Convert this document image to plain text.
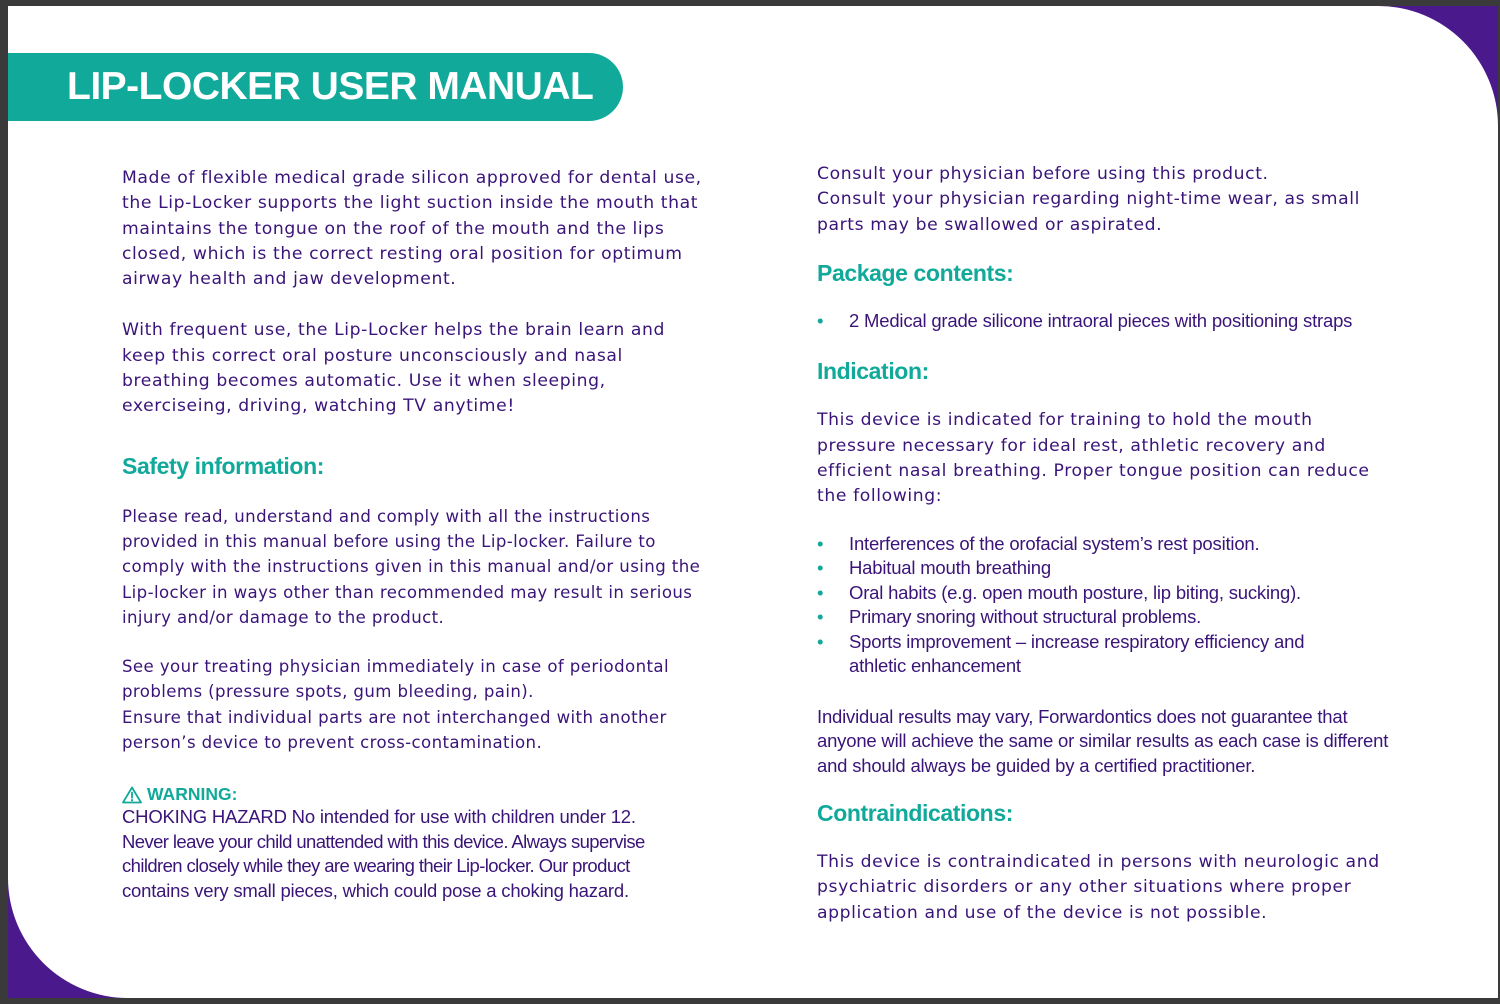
LIP-LOCKER USER MANUAL

Made of flexible medical grade silicon approved for dental use, the Lip-Locker supports the light suction inside the mouth that maintains the tongue on the roof of the mouth and the lips closed, which is the correct resting oral position for optimum airway health and jaw development.

With frequent use, the Lip-Locker helps the brain learn and keep this correct oral posture unconsciously and nasal breathing becomes automatic. Use it when sleeping, exerciseing, driving, watching TV anytime!

Safety information:

Please read, understand and comply with all the instructions provided in this manual before using the Lip-locker. Failure to comply with the instructions given in this manual and/or using the Lip-locker in ways other than recommended may result in serious injury and/or damage to the product.

See your treating physician immediately in case of periodontal problems (pressure spots, gum bleeding, pain).

Ensure that individual parts are not interchanged with another person’s device to prevent cross-contamination.

WARNING:

CHOKING HAZARD No intended for use with children under 12.

Never leave your child unattended with this device. Always supervise children closely while they are wearing their Lip-locker. Our product

contains very small pieces, which could pose a choking hazard.

Consult your physician before using this product.

Consult your physician regarding night-time wear, as small parts may be swallowed or aspirated.

Package contents:
• 2 Medical grade silicone intraoral pieces with positioning straps
Indication:

This device is indicated for training to hold the mouth pressure necessary for ideal rest, athletic recovery and efficient nasal breathing. Proper tongue position can reduce the following:

• Interferences of the orofacial system’s rest position.
• Habitual mouth breathing
• Oral habits (e.g. open mouth posture, lip biting, sucking).
• Primary snoring without structural problems.
• Sports improvement – increase respiratory efficiency and athletic enhancement

Individual results may vary, Forwardontics does not guarantee that anyone will achieve the same or similar results as each case is different and should always be guided by a certified practitioner.

Contraindications:

This device is contraindicated in persons with neurologic and psychiatric disorders or any other situations where proper application and use of the device is not possible.
